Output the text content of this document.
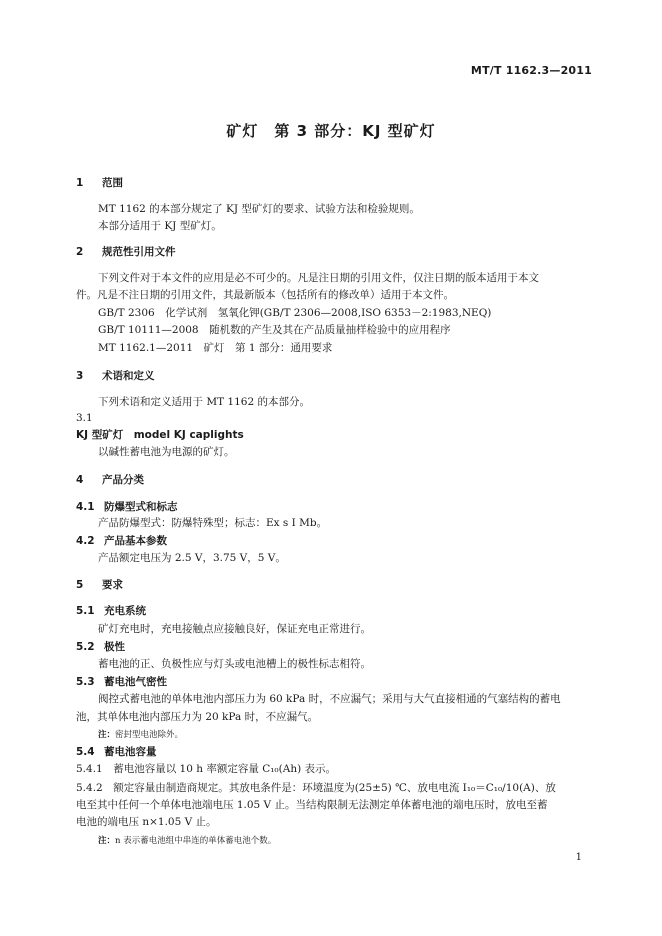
MT/T 1162.3—2011
矿灯　第 3 部分：KJ 型矿灯
1 范围
MT 1162 的本部分规定了 KJ 型矿灯的要求、试验方法和检验规则。
本部分适用于 KJ 型矿灯。
2 规范性引用文件
下列文件对于本文件的应用是必不可少的。凡是注日期的引用文件，仅注日期的版本适用于本文
件。凡是不注日期的引用文件，其最新版本（包括所有的修改单）适用于本文件。
GB/T 2306　化学试剂　氢氧化钾(GB/T 2306—2008,ISO 6353－2:1983,NEQ)
GB/T 10111—2008　随机数的产生及其在产品质量抽样检验中的应用程序
MT 1162.1—2011　矿灯　第 1 部分：通用要求
3 术语和定义
下列术语和定义适用于 MT 1162 的本部分。
3.1
KJ 型矿灯　model KJ caplights
以碱性蓄电池为电源的矿灯。
4 产品分类
4.1 防爆型式和标志
产品防爆型式：防爆特殊型；标志：Ex s Ⅰ Mb。
4.2 产品基本参数
产品额定电压为 2.5 V，3.75 V，5 V。
5 要求
5.1 充电系统
矿灯充电时，充电接触点应接触良好，保证充电正常进行。
5.2 极性
蓄电池的正、负极性应与灯头或电池槽上的极性标志相符。
5.3 蓄电池气密性
阀控式蓄电池的单体电池内部压力为 60 kPa 时，不应漏气；采用与大气直接相通的气塞结构的蓄电
池，其单体电池内部压力为 20 kPa 时，不应漏气。
注：密封型电池除外。
5.4 蓄电池容量
5.4.1　蓄电池容量以 10 h 率额定容量 C₁₀(Ah) 表示。
5.4.2　额定容量由制造商规定。其放电条件是：环境温度为(25±5) ℃、放电电流 I₁₀＝C₁₀/10(A)、放
电至其中任何一个单体电池端电压 1.05 V 止。当结构限制无法测定单体蓄电池的端电压时，放电至蓄
电池的端电压 n×1.05 V 止。
注：n 表示蓄电池组中串连的单体蓄电池个数。
1
